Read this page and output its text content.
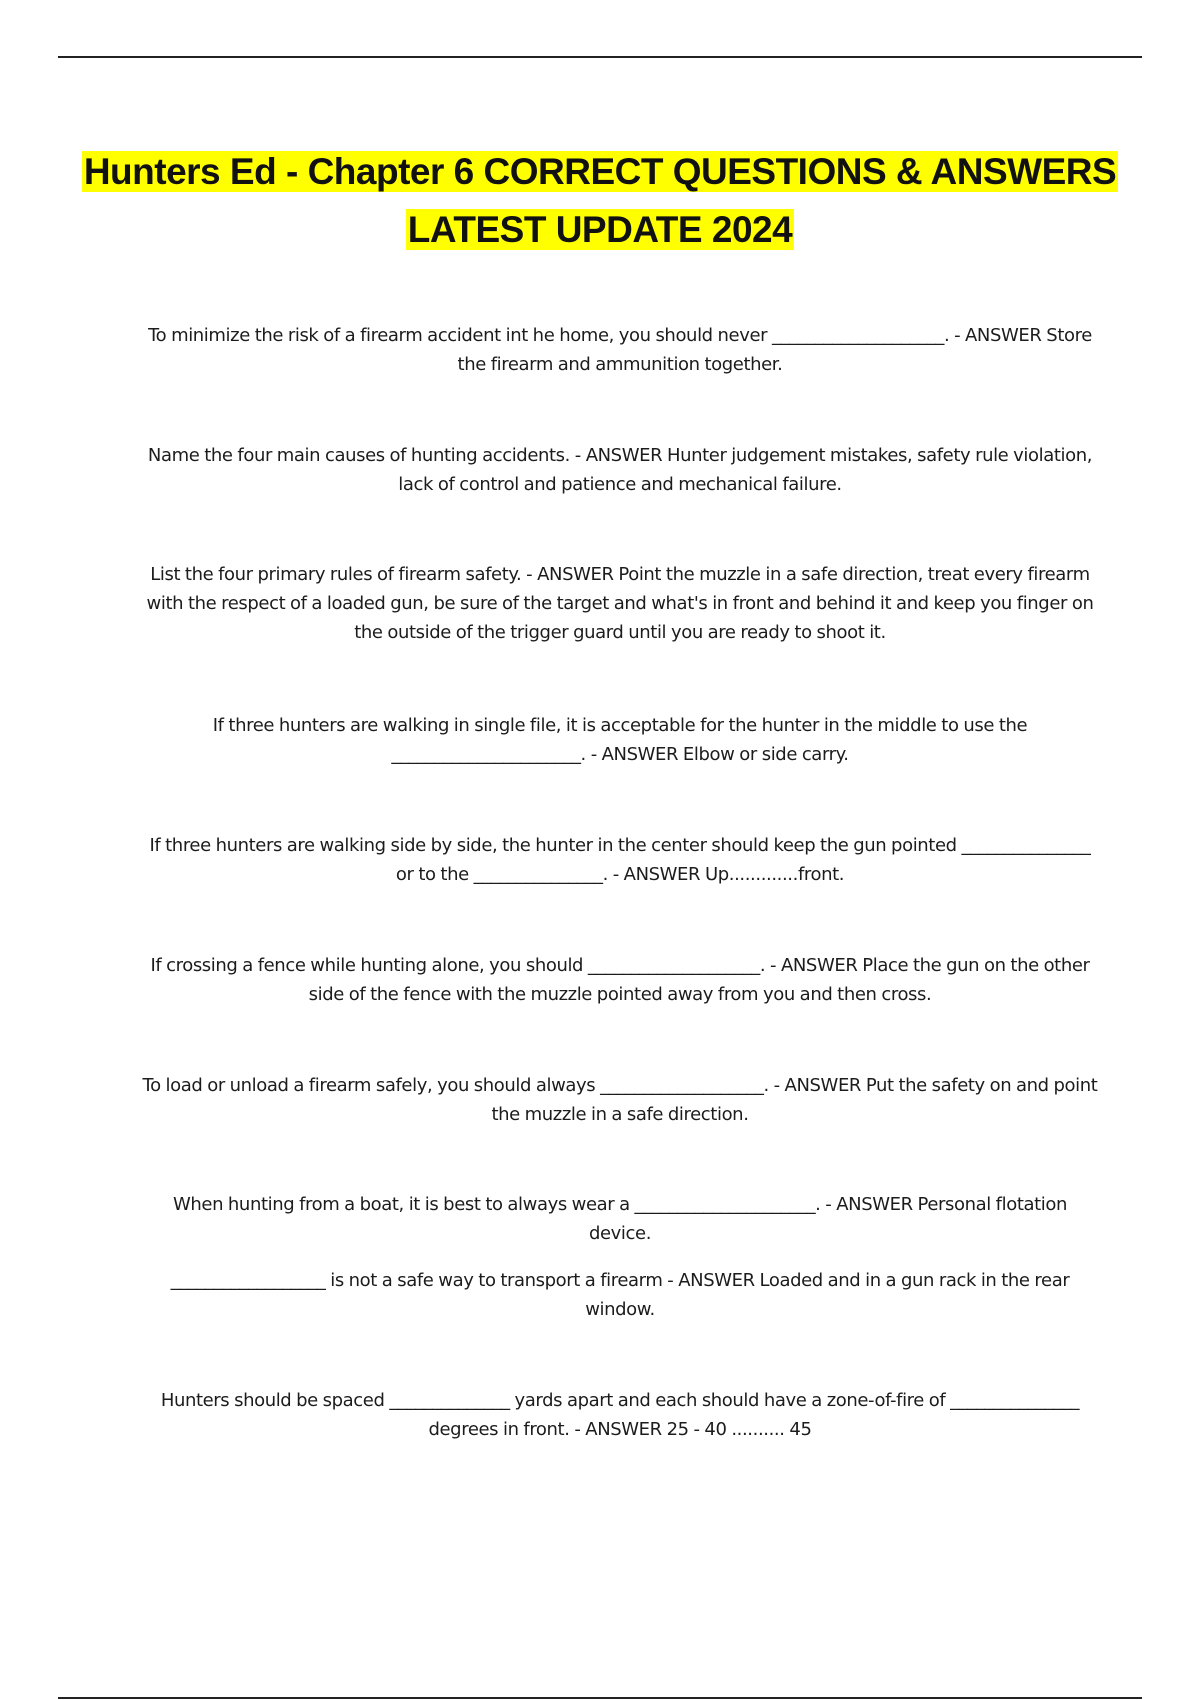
Hunters Ed - Chapter 6 CORRECT QUESTIONS & ANSWERS LATEST UPDATE 2024

To minimize the risk of a firearm accident int he home, you should never ____________________. - ANSWER Store the firearm and ammunition together.

Name the four main causes of hunting accidents. - ANSWER Hunter judgement mistakes, safety rule violation, lack of control and patience and mechanical failure.

List the four primary rules of firearm safety. - ANSWER Point the muzzle in a safe direction, treat every firearm with the respect of a loaded gun, be sure of the target and what's in front and behind it and keep you finger on the outside of the trigger guard until you are ready to shoot it.

If three hunters are walking in single file, it is acceptable for the hunter in the middle to use the ______________________. - ANSWER Elbow or side carry.

If three hunters are walking side by side, the hunter in the center should keep the gun pointed _______________ or to the _______________. - ANSWER Up.............front.

If crossing a fence while hunting alone, you should ____________________. - ANSWER Place the gun on the other side of the fence with the muzzle pointed away from you and then cross.

To load or unload a firearm safely, you should always ___________________. - ANSWER Put the safety on and point the muzzle in a safe direction.

When hunting from a boat, it is best to always wear a _____________________. - ANSWER Personal flotation device.

__________________ is not a safe way to transport a firearm - ANSWER Loaded and in a gun rack in the rear window.

Hunters should be spaced ______________ yards apart and each should have a zone-of-fire of _______________ degrees in front. - ANSWER 25 - 40 .......... 45
